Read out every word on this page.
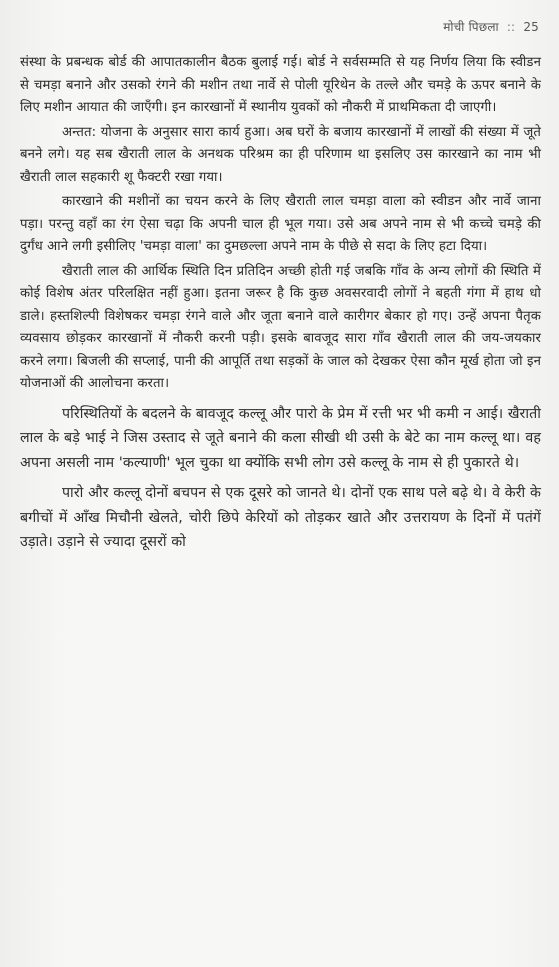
मोची पिछला :: 25

संस्था के प्रबन्धक बोर्ड की आपातकालीन बैठक बुलाई गई। बोर्ड ने सर्वसम्मति से यह निर्णय लिया कि स्वीडन से चमड़ा बनाने और उसको रंगने की मशीन तथा नार्वे से पोली यूरिथेन के तल्ले और चमड़े के ऊपर बनाने के लिए मशीन आयात की जाएँगी। इन कारखानों में स्थानीय युवकों को नौकरी में प्राथमिकता दी जाएगी।

अन्तत: योजना के अनुसार सारा कार्य हुआ। अब घरों के बजाय कारखानों में लाखों की संख्या में जूते बनने लगे। यह सब खैराती लाल के अनथक परिश्रम का ही परिणाम था इसलिए उस कारखाने का नाम भी खैराती लाल सहकारी शू फैक्टरी रखा गया।

कारखाने की मशीनों का चयन करने के लिए खैराती लाल चमड़ा वाला को स्वीडन और नार्वे जाना पड़ा। परन्तु वहाँ का रंग ऐसा चढ़ा कि अपनी चाल ही भूल गया। उसे अब अपने नाम से भी कच्चे चमड़े की दुर्गंध आने लगी इसीलिए 'चमड़ा वाला' का दुमछल्ला अपने नाम के पीछे से सदा के लिए हटा दिया।

खैराती लाल की आर्थिक स्थिति दिन प्रतिदिन अच्छी होती गई जबकि गाँव के अन्य लोगों की स्थिति में कोई विशेष अंतर परिलक्षित नहीं हुआ। इतना जरूर है कि कुछ अवसरवादी लोगों ने बहती गंगा में हाथ धो डाले। हस्तशिल्पी विशेषकर चमड़ा रंगने वाले और जूता बनाने वाले कारीगर बेकार हो गए। उन्हें अपना पैतृक व्यवसाय छोड़कर कारखानों में नौकरी करनी पड़ी। इसके बावजूद सारा गाँव खैराती लाल की जय-जयकार करने लगा। बिजली की सप्लाई, पानी की आपूर्ति तथा सड़कों के जाल को देखकर ऐसा कौन मूर्ख होता जो इन योजनाओं की आलोचना करता।

परिस्थितियों के बदलने के बावजूद कल्लू और पारो के प्रेम में रत्ती भर भी कमी न आई। खैराती लाल के बड़े भाई ने जिस उस्ताद से जूते बनाने की कला सीखी थी उसी के बेटे का नाम कल्लू था। वह अपना असली नाम 'कल्याणी' भूल चुका था क्योंकि सभी लोग उसे कल्लू के नाम से ही पुकारते थे।

पारो और कल्लू दोनों बचपन से एक दूसरे को जानते थे। दोनों एक साथ पले बढ़े थे। वे केरी के बगीचों में आँख मिचौनी खेलते, चोरी छिपे केरियों को तोड़कर खाते और उत्तरायण के दिनों में पतंगें उड़ाते। उड़ाने से ज्यादा दूसरों को
